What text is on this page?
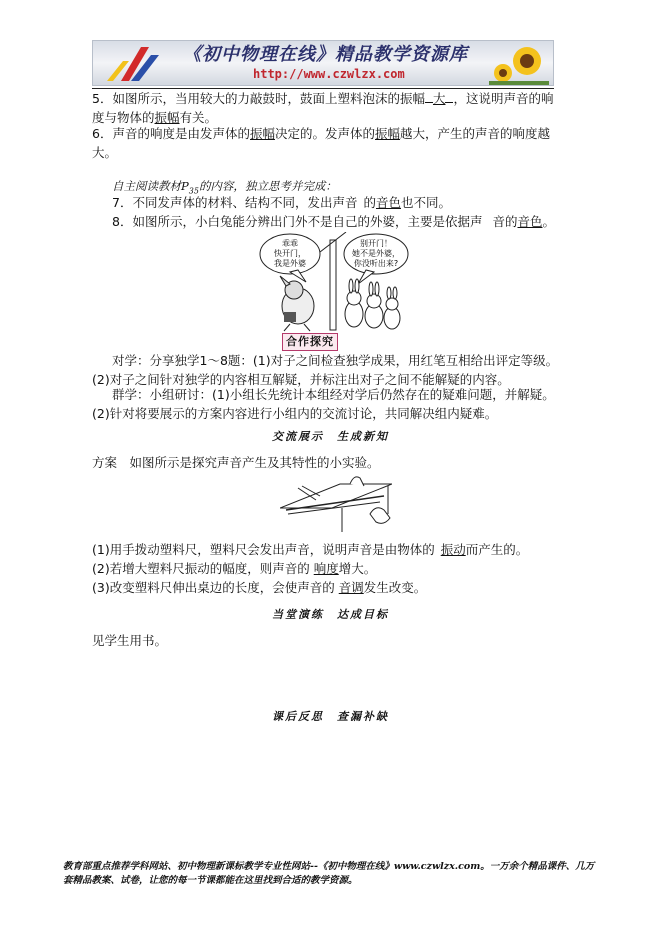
《初中物理在线》精品教学资源库
http://www.czwlzx.com
5．如图所示，当用较大的力敲鼓时，鼓面上塑料泡沫的振幅 大 ，这说明声音的响度与物体的振幅有关。
6．声音的响度是由发声体的振幅决定的。发声体的振幅越大，产生的声音的响度越大。
自主阅读教材$P_{35}$的内容，独立思考并完成：
7．不同发声体的材料、结构不同，发出声音 的音色也不同。
8．如图所示，小白兔能分辨出门外不是自己的外婆，主要是依据声 音的音色。
乖乖
快开门，
我是外婆
别开门！
她不是外婆，
你没听出来?
合作探究
对学：分享独学1～8题：(1)对子之间检查独学成果，用红笔互相给出评定等级。(2)对子之间针对独学的内容相互解疑，并标注出对子之间不能解疑的内容。
群学：小组研讨：(1)小组长先统计本组经对学后仍然存在的疑难问题，并解疑。 (2)针对将要展示的方案内容进行小组内的交流讨论，共同解决组内疑难。
交流展示　生成新知
方案　如图所示是探究声音产生及其特性的小实验。
(1)用手拨动塑料尺，塑料尺会发出声音，说明声音是由物体的 振动而产生的。
(2)若增大塑料尺振动的幅度，则声音的 响度增大。
(3)改变塑料尺伸出桌边的长度，会使声音的 音调发生改变。
当堂演练　达成目标
见学生用书。
课后反思　查漏补缺
教育部重点推荐学科网站、初中物理新课标教学专业性网站--《初中物理在线》www.czwlzx.com。一万余个精品课件、几万套精品教案、试卷，让您的每一节课都能在这里找到合适的教学资源。
